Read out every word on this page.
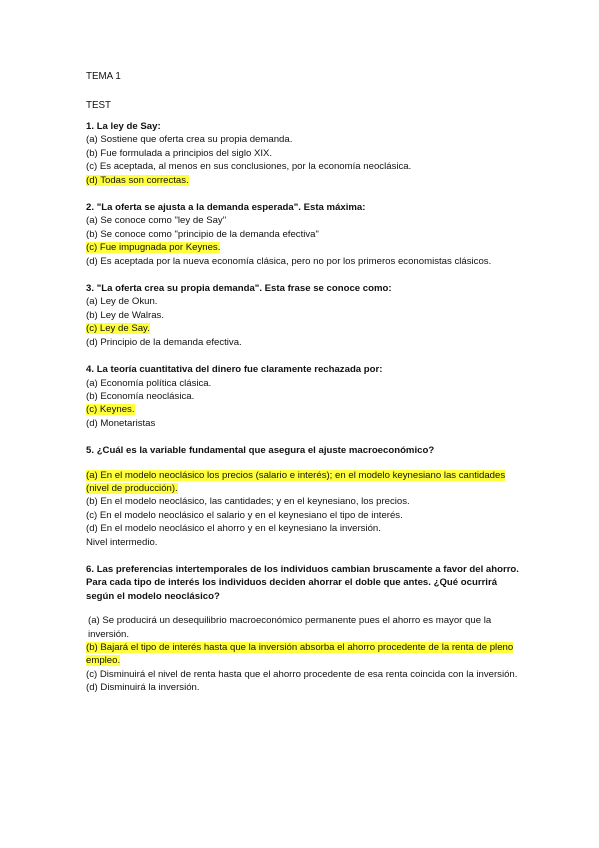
TEMA 1

TEST

1. La ley de Say:

(a) Sostiene que oferta crea su propia demanda.

(b) Fue formulada a principios del siglo XIX.

(c) Es aceptada, al menos en sus conclusiones, por la economía neoclásica.

(d) Todas son correctas.

2. "La oferta se ajusta a la demanda esperada". Esta máxima:

(a) Se conoce como "ley de Say"

(b) Se conoce como "principio de la demanda efectiva"

(c) Fue impugnada por Keynes.

(d) Es aceptada por la nueva economía clásica, pero no por los primeros economistas clásicos.

3. "La oferta crea su propia demanda". Esta frase se conoce como:

(a) Ley de Okun.

(b) Ley de Walras.

(c) Ley de Say.

(d) Principio de la demanda efectiva.

4. La teoría cuantitativa del dinero fue claramente rechazada por:

(a) Economía política clásica.

(b) Economía neoclásica.

(c) Keynes.

(d) Monetaristas

5. ¿Cuál es la variable fundamental que asegura el ajuste macroeconómico?

(a) En el modelo neoclásico los precios (salario e interés); en el modelo keynesiano las cantidades (nivel de producción).

(b) En el modelo neoclásico, las cantidades; y en el keynesiano, los precios.

(c) En el modelo neoclásico el salario y en el keynesiano el tipo de interés.

(d) En el modelo neoclásico el ahorro y en el keynesiano la inversión.

Nivel intermedio.

6. Las preferencias intertemporales de los individuos cambian bruscamente a favor del ahorro. Para cada tipo de interés los individuos deciden ahorrar el doble que antes. ¿Qué ocurrirá según el modelo neoclásico?

(a) Se producirá un desequilibrio macroeconómico permanente pues el ahorro es mayor que la inversión.

(b) Bajará el tipo de interés hasta que la inversión absorba el ahorro procedente de la renta de pleno empleo.

(c) Disminuirá el nivel de renta hasta que el ahorro procedente de esa renta coincida con la inversión.

(d) Disminuirá la inversión.
